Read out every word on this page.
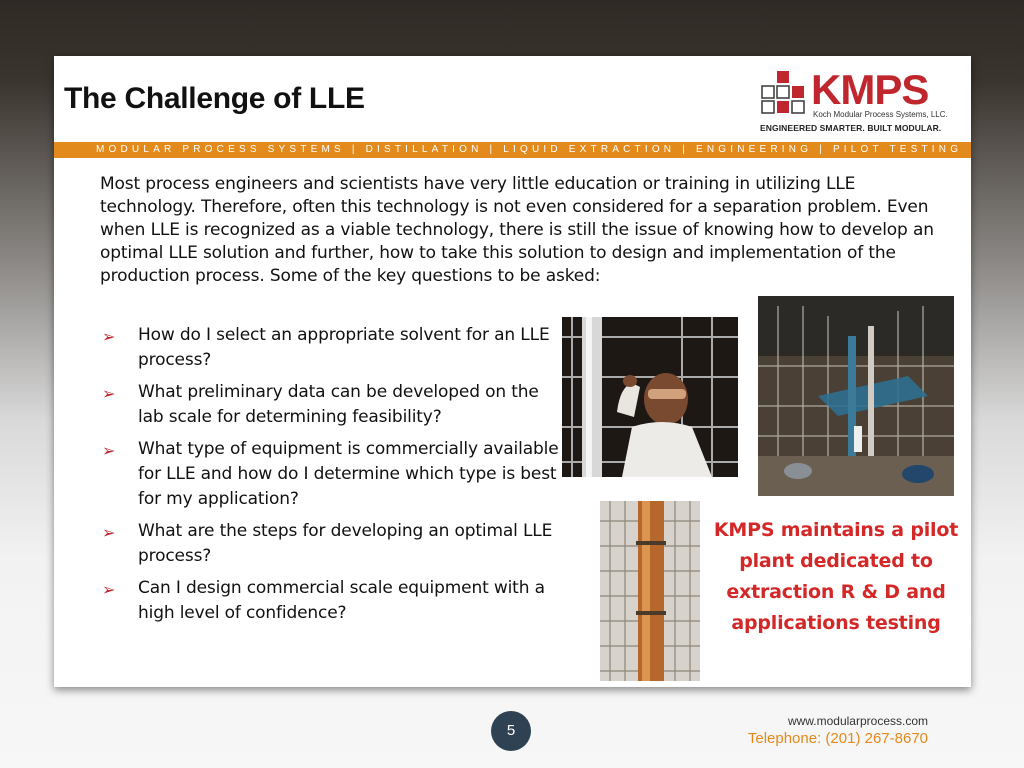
The Challenge of LLE	KMPS
Koch Modular Process Systems, LLC.
ENGINEERED SMARTER. BUILT MODULAR.
MODULAR PROCESS SYSTEMS | DISTILLATION | LIQUID EXTRACTION | ENGINEERING | PILOT TESTING

Most process engineers and scientists have very little education or training in utilizing LLE technology. Therefore, often this technology is not even considered for a separation problem. Even when LLE is recognized as a viable technology, there is still the issue of knowing how to develop an optimal LLE solution and further, how to take this solution to design and implementation of the production process. Some of the key questions to be asked:

➢ How do I select an appropriate solvent for an LLE process?
➢ What preliminary data can be developed on the lab scale for determining feasibility?
➢ What type of equipment is commercially available for LLE and how do I determine which type is best for my application?
➢ What are the steps for developing an optimal LLE process?
➢ Can I design commercial scale equipment with a high level of confidence?

KMPS maintains a pilot plant dedicated to extraction R & D and applications testing

5
www.modularprocess.com
Telephone: (201) 267-8670
